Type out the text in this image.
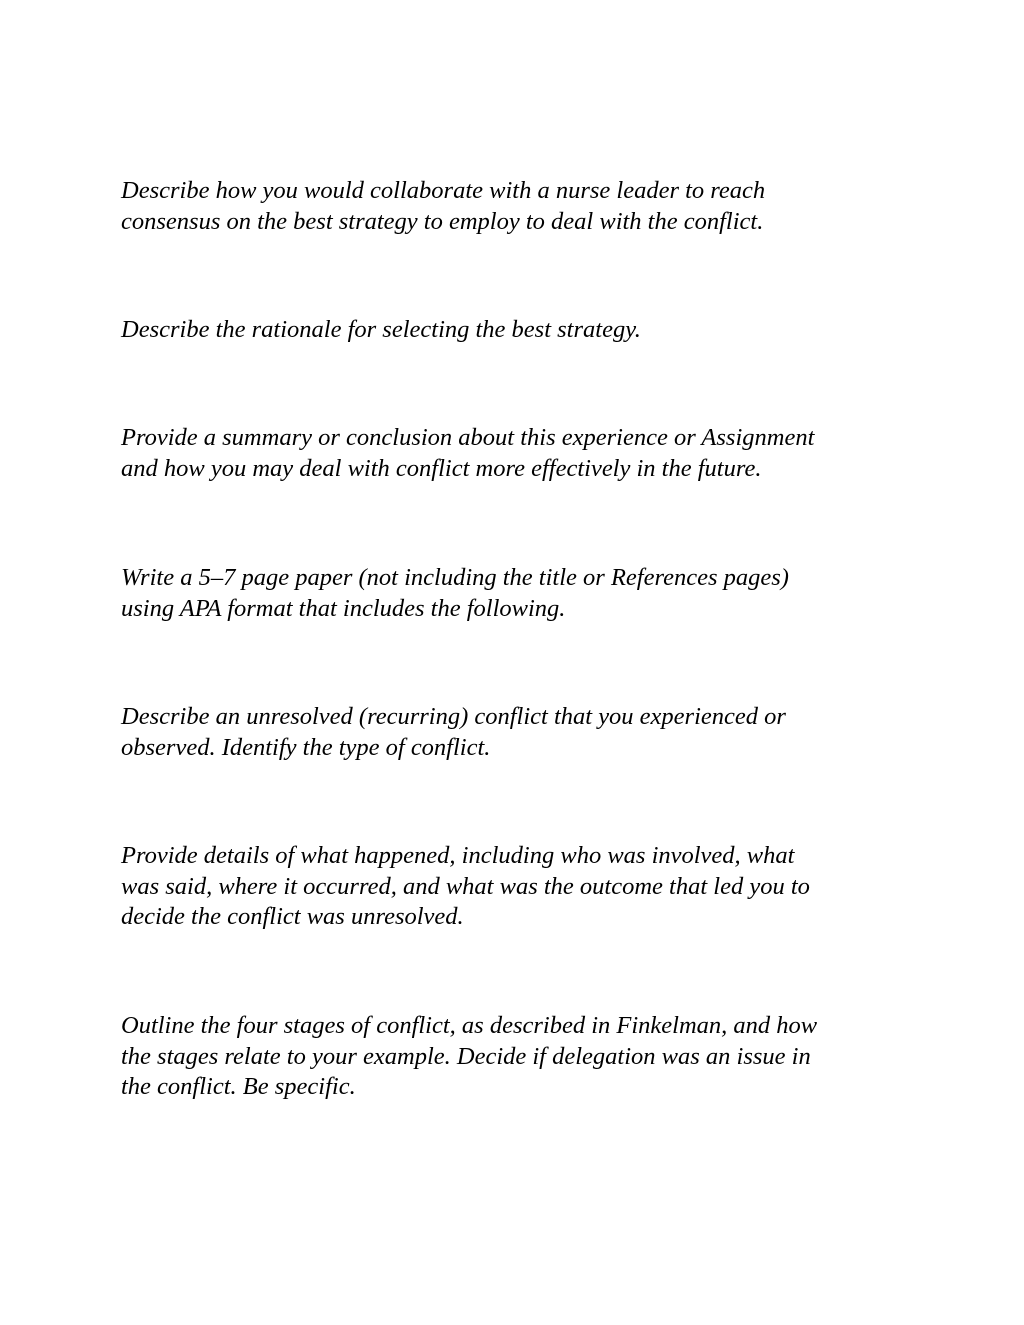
Describe how you would collaborate with a nurse leader to reach
consensus on the best strategy to employ to deal with the conflict.

Describe the rationale for selecting the best strategy.

Provide a summary or conclusion about this experience or Assignment
and how you may deal with conflict more effectively in the future.

Write a 5–7 page paper (not including the title or References pages)
using APA format that includes the following.

Describe an unresolved (recurring) conflict that you experienced or
observed. Identify the type of conflict.

Provide details of what happened, including who was involved, what
was said, where it occurred, and what was the outcome that led you to
decide the conflict was unresolved.

Outline the four stages of conflict, as described in Finkelman, and how
the stages relate to your example. Decide if delegation was an issue in
the conflict. Be specific.
